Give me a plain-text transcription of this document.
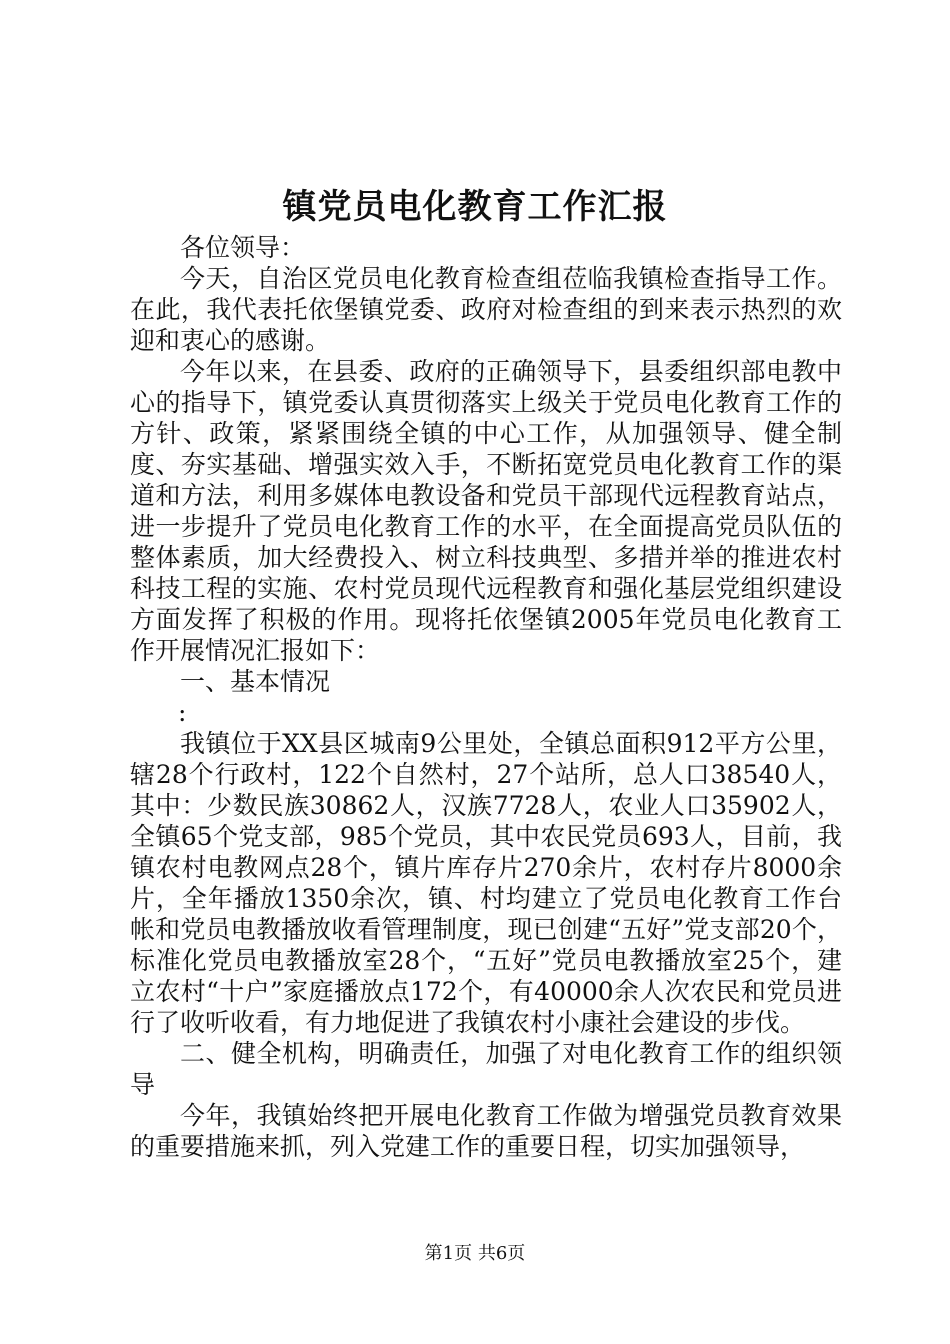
镇党员电化教育工作汇报

各位领导：

今天，自治区党员电化教育检查组莅临我镇检查指导工作。在此，我代表托依堡镇党委、政府对检查组的到来表示热烈的欢迎和衷心的感谢。

今年以来，在县委、政府的正确领导下，县委组织部电教中心的指导下，镇党委认真贯彻落实上级关于党员电化教育工作的方针、政策，紧紧围绕全镇的中心工作，从加强领导、健全制度、夯实基础、增强实效入手，不断拓宽党员电化教育工作的渠道和方法，利用多媒体电教设备和党员干部现代远程教育站点，进一步提升了党员电化教育工作的水平，在全面提高党员队伍的整体素质，加大经费投入、树立科技典型、多措并举的推进农村科技工程的实施、农村党员现代远程教育和强化基层党组织建设方面发挥了积极的作用。现将托依堡镇2005年党员电化教育工作开展情况汇报如下：

一、基本情况

:

我镇位于XX县区城南9公里处，全镇总面积912平方公里，辖28个行政村，122个自然村，27个站所，总人口38540人，其中：少数民族30862人，汉族7728人，农业人口35902人，全镇65个党支部，985个党员，其中农民党员693人，目前，我镇农村电教网点28个，镇片库存片270余片，农村存片8000余片，全年播放1350余次，镇、村均建立了党员电化教育工作台帐和党员电教播放收看管理制度，现已创建“五好”党支部20个，标准化党员电教播放室28个，“五好”党员电教播放室25个，建立农村“十户”家庭播放点172个，有40000余人次农民和党员进行了收听收看，有力地促进了我镇农村小康社会建设的步伐。

二、健全机构，明确责任，加强了对电化教育工作的组织领导

今年，我镇始终把开展电化教育工作做为增强党员教育效果的重要措施来抓，列入党建工作的重要日程，切实加强领导，

第1页 共6页
